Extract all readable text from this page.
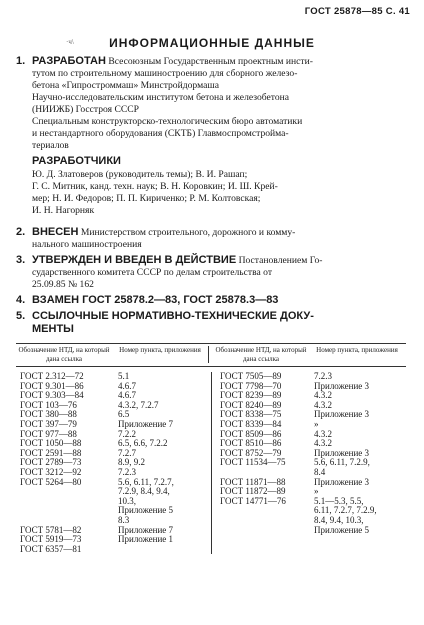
ГОСТ 25878—85 С. 41
·ч\	ИНФОРМАЦИОННЫЕ ДАННЫЕ

1. РАЗРАБОТАН Всесоюзным Государственным проектным инсти-

тутом по строительному машиностроению для сборного железо-

бетона «Гипростроммаш» Минстройдормаша

Научно-исследовательским институтом бетона и железобетона

(НИИЖБ) Госстроя СССР

Специальным конструкторско-технологическим бюро автоматики

и нестандартного оборудования (СКТБ) Главмоспромстройма-

териалов

РАЗРАБОТЧИКИ

Ю. Д. Златоверов (руководитель темы); В. И. Рашап;

Г. С. Митник, канд. техн. наук; В. Н. Коровкин; И. Ш. Крей-

мер; Н. И. Федоров; П. П. Кириченко; Р. М. Колтовская;

И. Н. Нагорняк

2. ВНЕСЕН Министерством строительного, дорожного и комму-

нального машиностроения

3. УТВЕРЖДЕН И ВВЕДЕН В ДЕЙСТВИЕ Постановлением Го-

сударственного комитета СССР по делам строительства от

25.09.85 № 162

4. ВЗАМЕН ГОСТ 25878.2—83, ГОСТ 25878.3—83

5. ССЫЛОЧНЫЕ НОРМАТИВНО-ТЕХНИЧЕСКИЕ ДОКУ-

МЕНТЫ

Обозначение НТД, на который дана ссылка
Номер пункта, приложения	Обозначение НТД, на который дана ссылка
Номер пункта, приложения
ГОСТ 2.312—72
ГОСТ 9.301—86
ГОСТ 9.303—84
ГОСТ 103—76
ГОСТ 380—88
ГОСТ 397—79
ГОСТ 977—88
ГОСТ 1050—88
ГОСТ 2591—88
ГОСТ 2789—73
ГОСТ 3212—92
ГОСТ 5264—80
ГОСТ 5781—82
ГОСТ 5919—73
ГОСТ 6357—81
5.1
4.6.7
4.6.7
4.3.2, 7.2.7
6.5
Приложение 7
7.2.2
6.5, 6.6, 7.2.2
7.2.7
8.9, 9.2
7.2.3
5.6, 6.11, 7.2.7,
7.2.9, 8.4, 9.4,
10.3,
Приложение 5
8.3
Приложение 7
Приложение 1
ГОСТ 7505—89
ГОСТ 7798—70
ГОСТ 8239—89
ГОСТ 8240—89
ГОСТ 8338—75
ГОСТ 8339—84
ГОСТ 8509—86
ГОСТ 8510—86
ГОСТ 8752—79
ГОСТ 11534—75
ГОСТ 11871—88
ГОСТ 11872—89
ГОСТ 14771—76
7.2.3
Приложение 3
4.3.2
4.3.2
Приложение 3
»
4.3.2
4.3.2
Приложение 3
5.6, 6.11, 7.2.9,
8.4
Приложение 3
»
5.1—5.3, 5.5,
6.11, 7.2.7, 7.2.9,
8.4, 9.4, 10.3,
Приложение 5
